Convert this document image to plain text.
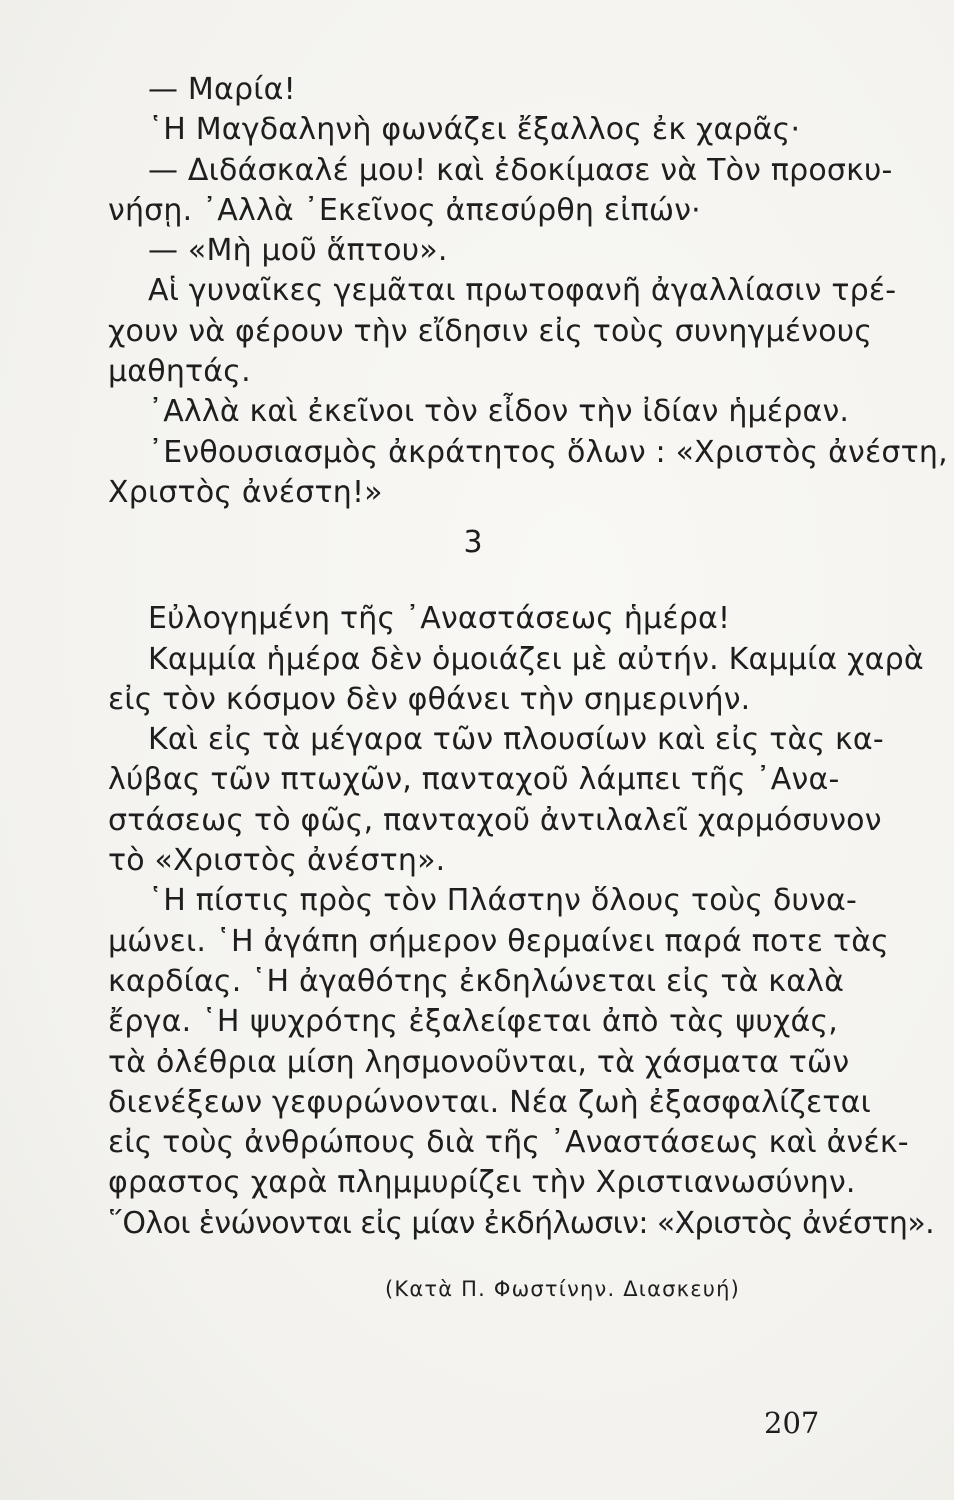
— Μαρία!
῾Η Μαγδαληνὴ φωνάζει ἔξαλλος ἐκ χαρᾶς·
— Διδάσκαλέ μου! καὶ ἐδοκίμασε νὰ Τὸν προσκυ-
νήσῃ. ᾿Αλλὰ ᾿Εκεῖνος ἀπεσύρθη εἰπών·
— «Μὴ μοῦ ἅπτου».
Αἱ γυναῖκες γεμᾶται πρωτοφανῆ ἀγαλλίασιν τρέ-
χουν νὰ φέρουν τὴν εἴδησιν εἰς τοὺς συνηγμένους
μαθητάς.
᾿Αλλὰ καὶ ἐκεῖνοι τὸν εἶδον τὴν ἰδίαν ἡμέραν.
᾿Ενθουσιασμὸς ἀκράτητος ὅλων : «Χριστὸς ἀνέστη,
Χριστὸς ἀνέστη!»
3
Εὐλογημένη τῆς ᾿Αναστάσεως ἡμέρα!
Καμμία ἡμέρα δὲν ὁμοιάζει μὲ αὐτήν. Καμμία χαρὰ
εἰς τὸν κόσμον δὲν φθάνει τὴν σημερινήν.
Καὶ εἰς τὰ μέγαρα τῶν πλουσίων καὶ εἰς τὰς κα-
λύβας τῶν πτωχῶν, πανταχοῦ λάμπει τῆς ᾿Ανα-
στάσεως τὸ φῶς, πανταχοῦ ἀντιλαλεῖ χαρμόσυνον
τὸ «Χριστὸς ἀνέστη».
῾Η πίστις πρὸς τὸν Πλάστην ὅλους τοὺς δυνα-
μώνει. ῾Η ἀγάπη σήμερον θερμαίνει παρά ποτε τὰς
καρδίας. ῾Η ἀγαθότης ἐκδηλώνεται εἰς τὰ καλὰ
ἔργα. ῾Η ψυχρότης ἐξαλείφεται ἀπὸ τὰς ψυχάς,
τὰ ὀλέθρια μίση λησμονοῦνται, τὰ χάσματα τῶν
διενέξεων γεφυρώνονται. Νέα ζωὴ ἐξασφαλίζεται
εἰς τοὺς ἀνθρώπους διὰ τῆς ᾿Αναστάσεως καὶ ἀνέκ-
φραστος χαρὰ πλημμυρίζει τὴν Χριστιανωσύνην.
῞Ολοι ἑνώνονται εἰς μίαν ἐκδήλωσιν: «Χριστὸς ἀνέστη».
(Κατὰ Π. Φωστίνην. Διασκευή)
207
